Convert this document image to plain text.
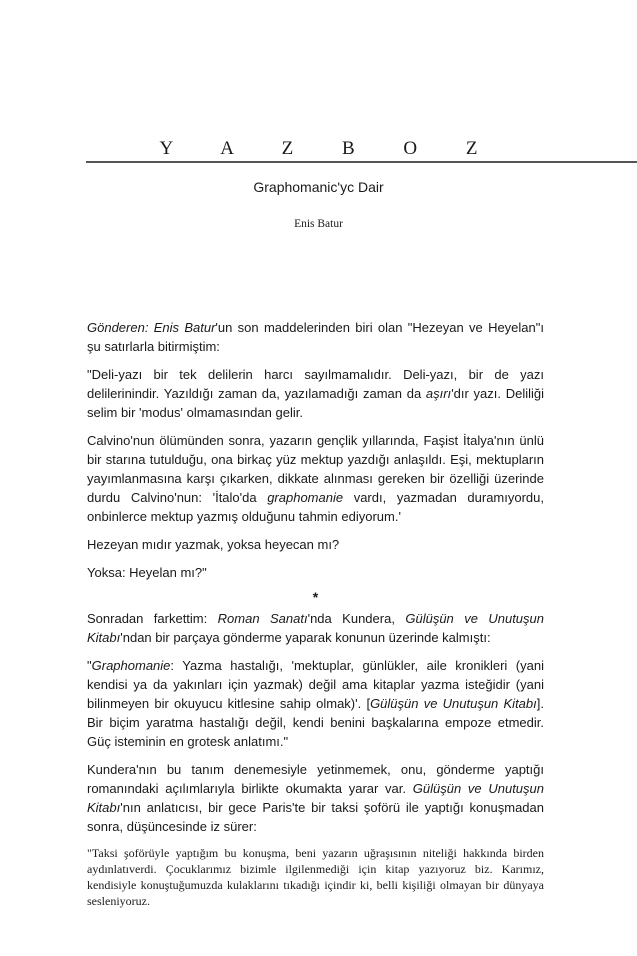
Y A Z B O Z
Graphomanic'yc Dair
Enis Batur

Gönderen: Enis Batur'un son maddelerinden biri olan "Hezeyan ve Heyelan"ı şu satırlarla bitirmiştim:

"Deli-yazı bir tek delilerin harcı sayılmamalıdır. Deli-yazı, bir de yazı delilerinindir. Yazıldığı zaman da, yazılamadığı zaman da aşırı'dır yazı. Deliliği selim bir 'modus' olmamasından gelir.

Calvino'nun ölümünden sonra, yazarın gençlik yıllarında, Faşist İtalya'nın ünlü bir starına tutulduğu, ona birkaç yüz mektup yazdığı anlaşıldı. Eşi, mektupların yayımlanmasına karşı çıkarken, dikkate alınması gereken bir özelliği üzerinde durdu Calvino'nun: 'İtalo'da graphomanie vardı, yazmadan duramıyordu, onbinlerce mektup yazmış olduğunu tahmin ediyorum.'

Hezeyan mıdır yazmak, yoksa heyecan mı?

Yoksa: Heyelan mı?"

*

Sonradan farkettim: Roman Sanatı'nda Kundera, Gülüşün ve Unutuşun Kitabı'ndan bir parçaya gönderme yaparak konunun üzerinde kalmıştı:

"Graphomanie: Yazma hastalığı, 'mektuplar, günlükler, aile kronikleri (yani kendisi ya da yakınları için yazmak) değil ama kitaplar yazma isteğidir (yani bilinmeyen bir okuyucu kitlesine sahip olmak)'. [Gülüşün ve Unutuşun Kitabı]. Bir biçim yaratma hastalığı değil, kendi benini başkalarına empoze etmedir. Güç isteminin en grotesk anlatımı."

Kundera'nın bu tanım denemesiyle yetinmemek, onu, gönderme yaptığı romanındaki açılımlarıyla birlikte okumakta yarar var. Gülüşün ve Unutuşun Kitabı'nın anlatıcısı, bir gece Paris'te bir taksi şoförü ile yaptığı konuşmadan sonra, düşüncesinde iz sürer:

"Taksi şoförüyle yaptığım bu konuşma, beni yazarın uğraşısının niteliği hakkında birden aydınlatıverdi. Çocuklarımız bizimle ilgilenmediği için kitap yazıyoruz biz. Karımız, kendisiyle konuştuğumuzda kulaklarını tıkadığı içindir ki, belli kişiliği olmayan bir dünyaya sesleniyoruz.
